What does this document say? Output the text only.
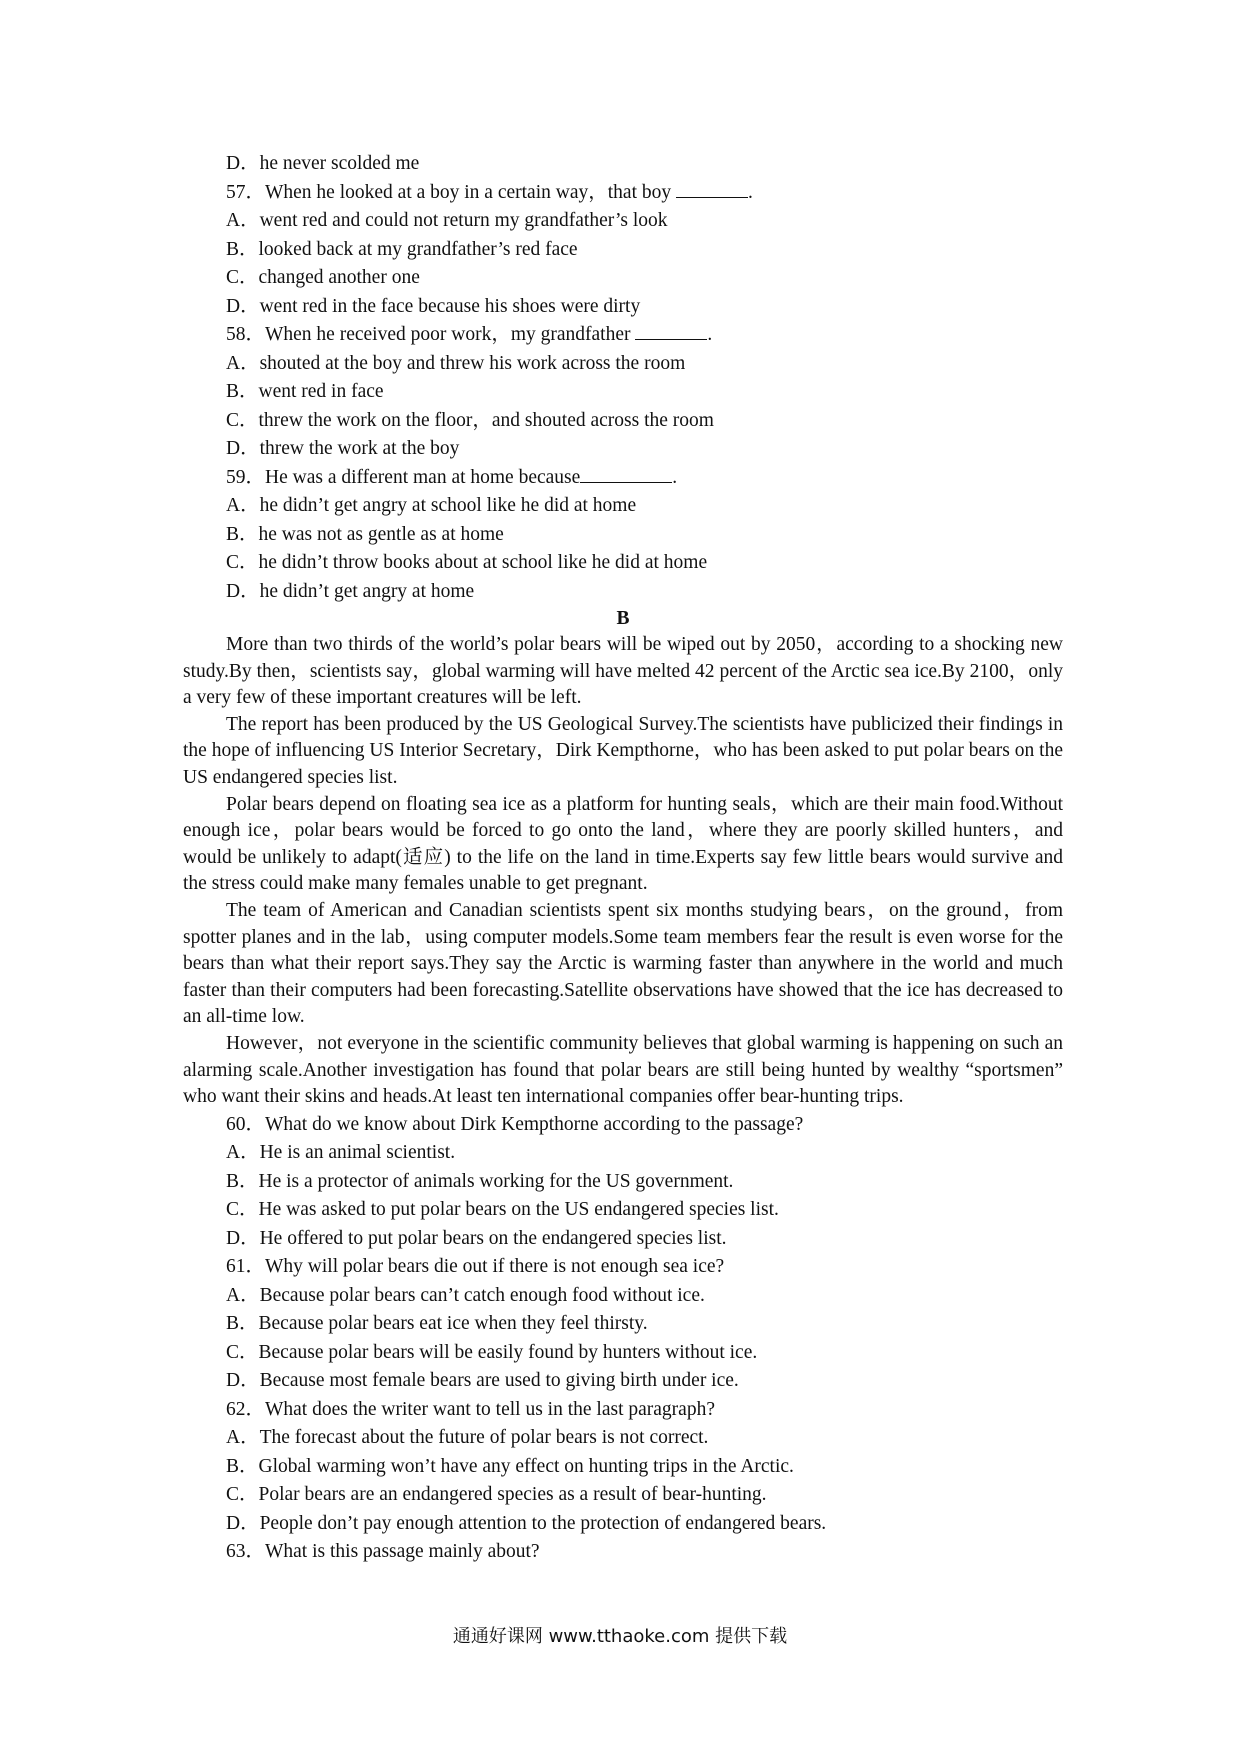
D．he never scolded me
57．When he looked at a boy in a certain way，that boy	.
A．went red and could not return my grandfather’s look
B．looked back at my grandfather’s red face
C．changed another one
D．went red in the face because his shoes were dirty
58．When he received poor work，my grandfather	.
A．shouted at the boy and threw his work across the room
B．went red in face
C．threw the work on the floor，and shouted across the room
D．threw the work at the boy
59．He was a different man at home because	.
A．he didn’t get angry at school like he did at home
B．he was not as gentle as at home
C．he didn’t throw books about at school like he did at home
D．he didn’t get angry at home
B

More than two thirds of the world’s polar bears will be wiped out by 2050，according to a shocking new study.By then，scientists say，global warming will have melted 42 percent of the Arctic sea ice.By 2100，only a very few of these important creatures will be left.

The report has been produced by the US Geological Survey.The scientists have publicized their findings in the hope of influencing US Interior Secretary，Dirk Kempthorne，who has been asked to put polar bears on the US endangered species list.

Polar bears depend on floating sea ice as a platform for hunting seals，which are their main food.Without enough ice，polar bears would be forced to go onto the land，where they are poorly skilled hunters，and would be unlikely to adapt(适应) to the life on the land in time.Experts say few little bears would survive and the stress could make many females unable to get pregnant.

The team of American and Canadian scientists spent six months studying bears，on the ground，from spotter planes and in the lab，using computer models.Some team members fear the result is even worse for the bears than what their report says.They say the Arctic is warming faster than anywhere in the world and much faster than their computers had been forecasting.Satellite observations have showed that the ice has decreased to an all-time low.

However，not everyone in the scientific community believes that global warming is happening on such an alarming scale.Another investigation has found that polar bears are still being hunted by wealthy “sportsmen” who want their skins and heads.At least ten international companies offer bear-hunting trips.

60．What do we know about Dirk Kempthorne according to the passage?
A．He is an animal scientist.
B．He is a protector of animals working for the US government.
C．He was asked to put polar bears on the US endangered species list.
D．He offered to put polar bears on the endangered species list.
61．Why will polar bears die out if there is not enough sea ice?
A．Because polar bears can’t catch enough food without ice.
B．Because polar bears eat ice when they feel thirsty.
C．Because polar bears will be easily found by hunters without ice.
D．Because most female bears are used to giving birth under ice.
62．What does the writer want to tell us in the last paragraph?
A．The forecast about the future of polar bears is not correct.
B．Global warming won’t have any effect on hunting trips in the Arctic.
C．Polar bears are an endangered species as a result of bear-hunting.
D．People don’t pay enough attention to the protection of endangered bears.
63．What is this passage mainly about?
通通好课网 www.tthaoke.com 提供下载
